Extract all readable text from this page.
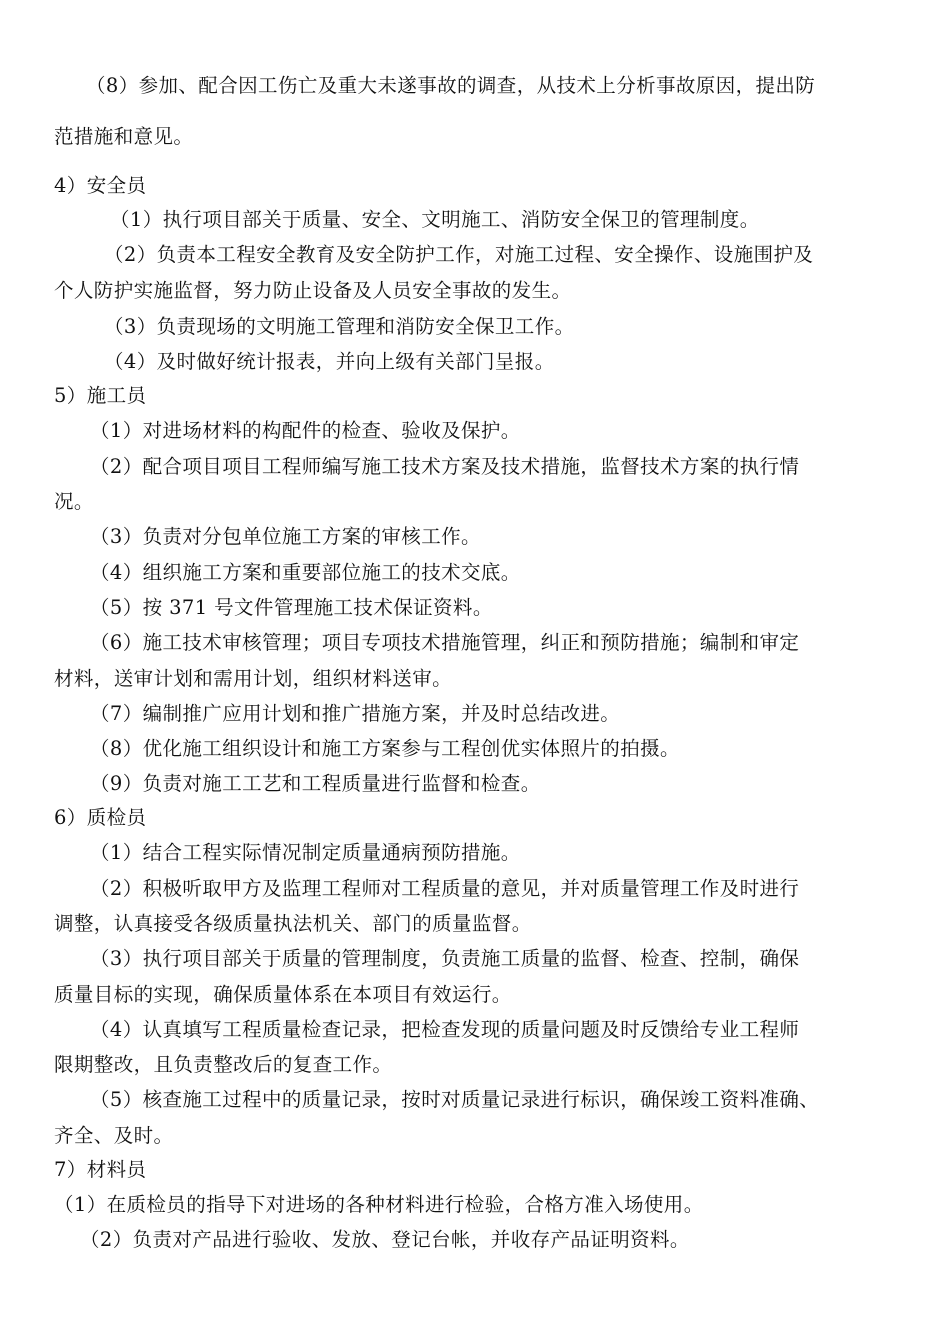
（8）参加、配合因工伤亡及重大未遂事故的调查，从技术上分析事故原因，提出防
范措施和意见。
4）安全员
（1）执行项目部关于质量、安全、文明施工、消防安全保卫的管理制度。
（2）负责本工程安全教育及安全防护工作，对施工过程、安全操作、设施围护及
个人防护实施监督，努力防止设备及人员安全事故的发生。
（3）负责现场的文明施工管理和消防安全保卫工作。
（4）及时做好统计报表，并向上级有关部门呈报。
5）施工员
（1）对进场材料的构配件的检查、验收及保护。
（2）配合项目项目工程师编写施工技术方案及技术措施，监督技术方案的执行情
况。
（3）负责对分包单位施工方案的审核工作。
（4）组织施工方案和重要部位施工的技术交底。
（5）按 371 号文件管理施工技术保证资料。
（6）施工技术审核管理；项目专项技术措施管理，纠正和预防措施；编制和审定
材料，送审计划和需用计划，组织材料送审。
（7）编制推广应用计划和推广措施方案，并及时总结改进。
（8）优化施工组织设计和施工方案参与工程创优实体照片的拍摄。
（9）负责对施工工艺和工程质量进行监督和检查。
6）质检员
（1）结合工程实际情况制定质量通病预防措施。
（2）积极听取甲方及监理工程师对工程质量的意见，并对质量管理工作及时进行
调整，认真接受各级质量执法机关、部门的质量监督。
（3）执行项目部关于质量的管理制度，负责施工质量的监督、检查、控制，确保
质量目标的实现，确保质量体系在本项目有效运行。
（4）认真填写工程质量检查记录，把检查发现的质量问题及时反馈给专业工程师
限期整改，且负责整改后的复查工作。
（5）核查施工过程中的质量记录，按时对质量记录进行标识，确保竣工资料准确、
齐全、及时。
7）材料员
（1）在质检员的指导下对进场的各种材料进行检验，合格方准入场使用。
（2）负责对产品进行验收、发放、登记台帐，并收存产品证明资料。
